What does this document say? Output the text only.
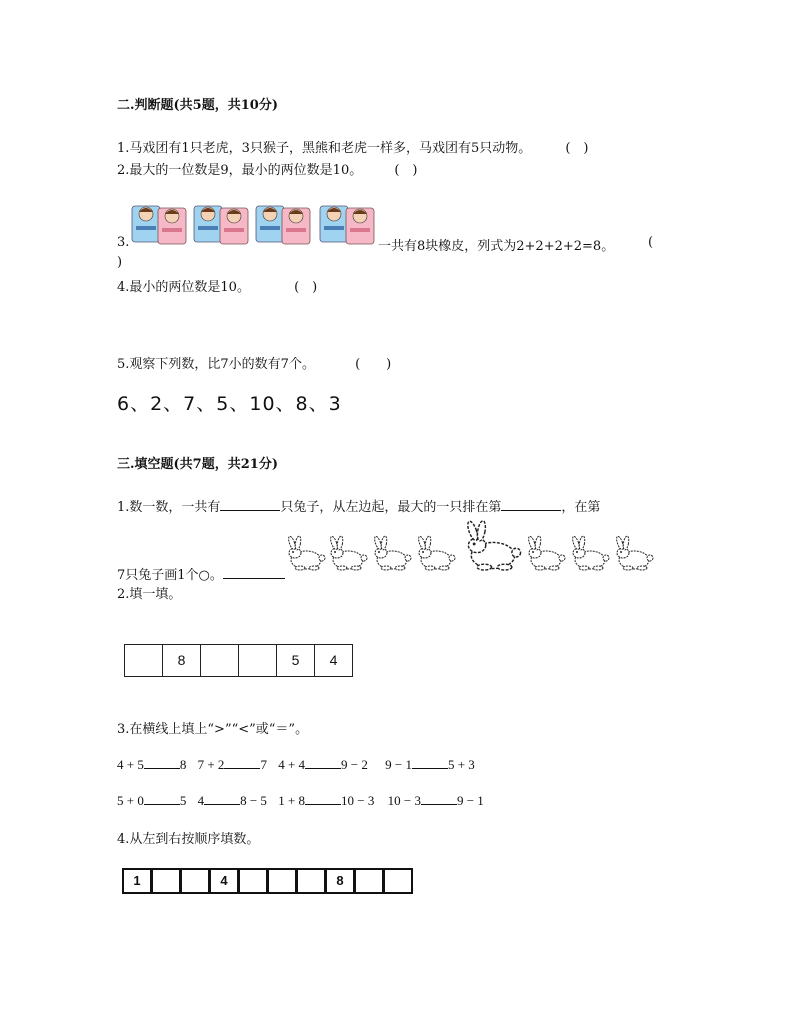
二.判断题(共5题，共10分)
1.马戏团有1只老虎，3只猴子，黑熊和老虎一样多，马戏团有5只动物。	(　)
2.最大的一位数是9，最小的两位数是10。 (　)
3.	一共有8块橡皮，列式为2+2+2+2=8。	(
)
4.最小的两位数是10。	(　)
5.观察下列数，比7小的数有7个。	(　　)
6、2、7、5、10、8、3
三.填空题(共7题，共21分)
1.数一数，一共有	只兔子，从左边起，最大的一只排在第	，在第
7只兔子画1个○。
2.填一填。
8	5	4
3.在横线上填上“>”“<”或“＝”。
4 + 5	8 7 + 2	7 4 + 4	9 − 2 9 − 1	5 + 3
5 + 0	5 4	8 − 5 1 + 8	10 − 3 10 − 3	9 − 1
4.从左到右按顺序填数。
1	4	8
